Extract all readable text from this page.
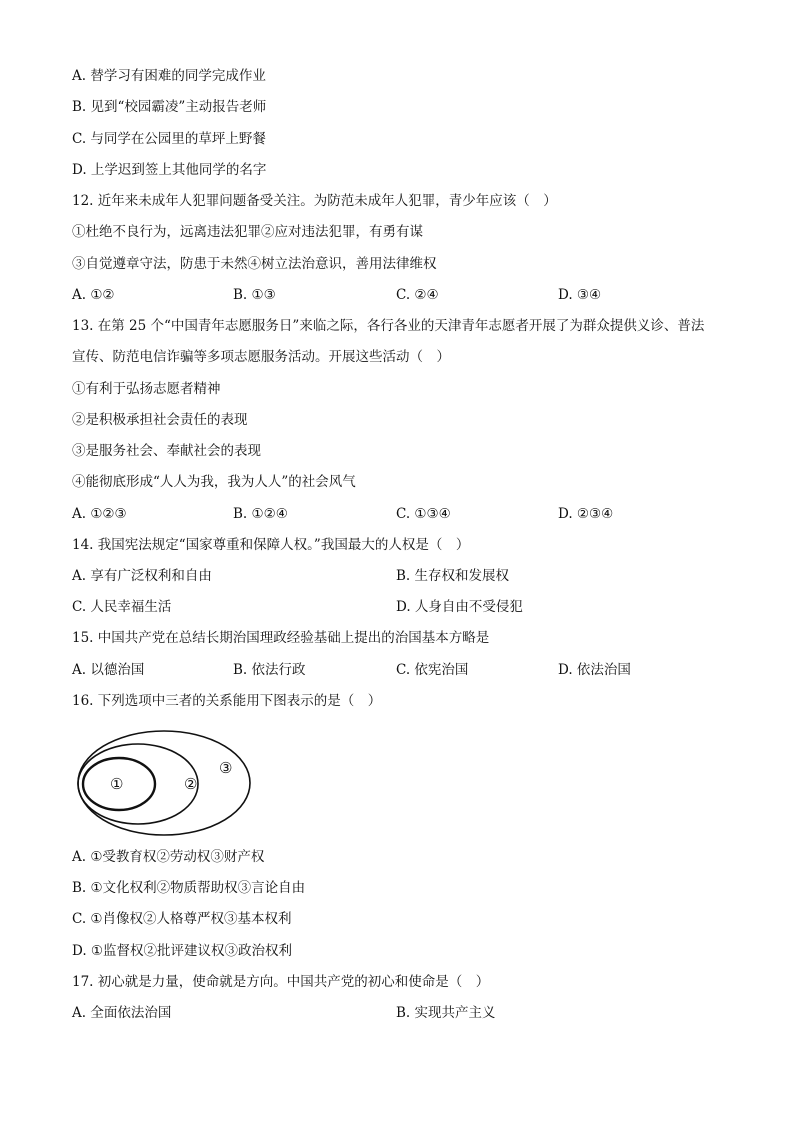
A. 替学习有困难的同学完成作业
B. 见到“校园霸凌”主动报告老师
C. 与同学在公园里的草坪上野餐
D. 上学迟到签上其他同学的名字
12. 近年来未成年人犯罪问题备受关注。为防范未成年人犯罪，青少年应该（　）
①杜绝不良行为，远离违法犯罪②应对违法犯罪，有勇有谋
③自觉遵章守法，防患于未然④树立法治意识，善用法律维权
A. ①②	B. ①③	C. ②④	D. ③④
13. 在第 25 个“中国青年志愿服务日”来临之际，各行各业的天津青年志愿者开展了为群众提供义诊、普法
宣传、防范电信诈骗等多项志愿服务活动。开展这些活动（　）
①有利于弘扬志愿者精神
②是积极承担社会责任的表现
③是服务社会、奉献社会的表现
④能彻底形成“人人为我，我为人人”的社会风气
A. ①②③	B. ①②④	C. ①③④	D. ②③④
14. 我国宪法规定“国家尊重和保障人权。”我国最大的人权是（　）
A. 享有广泛权利和自由	B. 生存权和发展权
C. 人民幸福生活	D. 人身自由不受侵犯
15. 中国共产党在总结长期治国理政经验基础上提出的治国基本方略是
A. 以德治国	B. 依法行政	C. 依宪治国	D. 依法治国
16. 下列选项中三者的关系能用下图表示的是（　）
①	②
③
A. ①受教育权②劳动权③财产权
B. ①文化权利②物质帮助权③言论自由
C. ①肖像权②人格尊严权③基本权利
D. ①监督权②批评建议权③政治权利
17. 初心就是力量，使命就是方向。中国共产党的初心和使命是（　）
A. 全面依法治国	B. 实现共产主义
